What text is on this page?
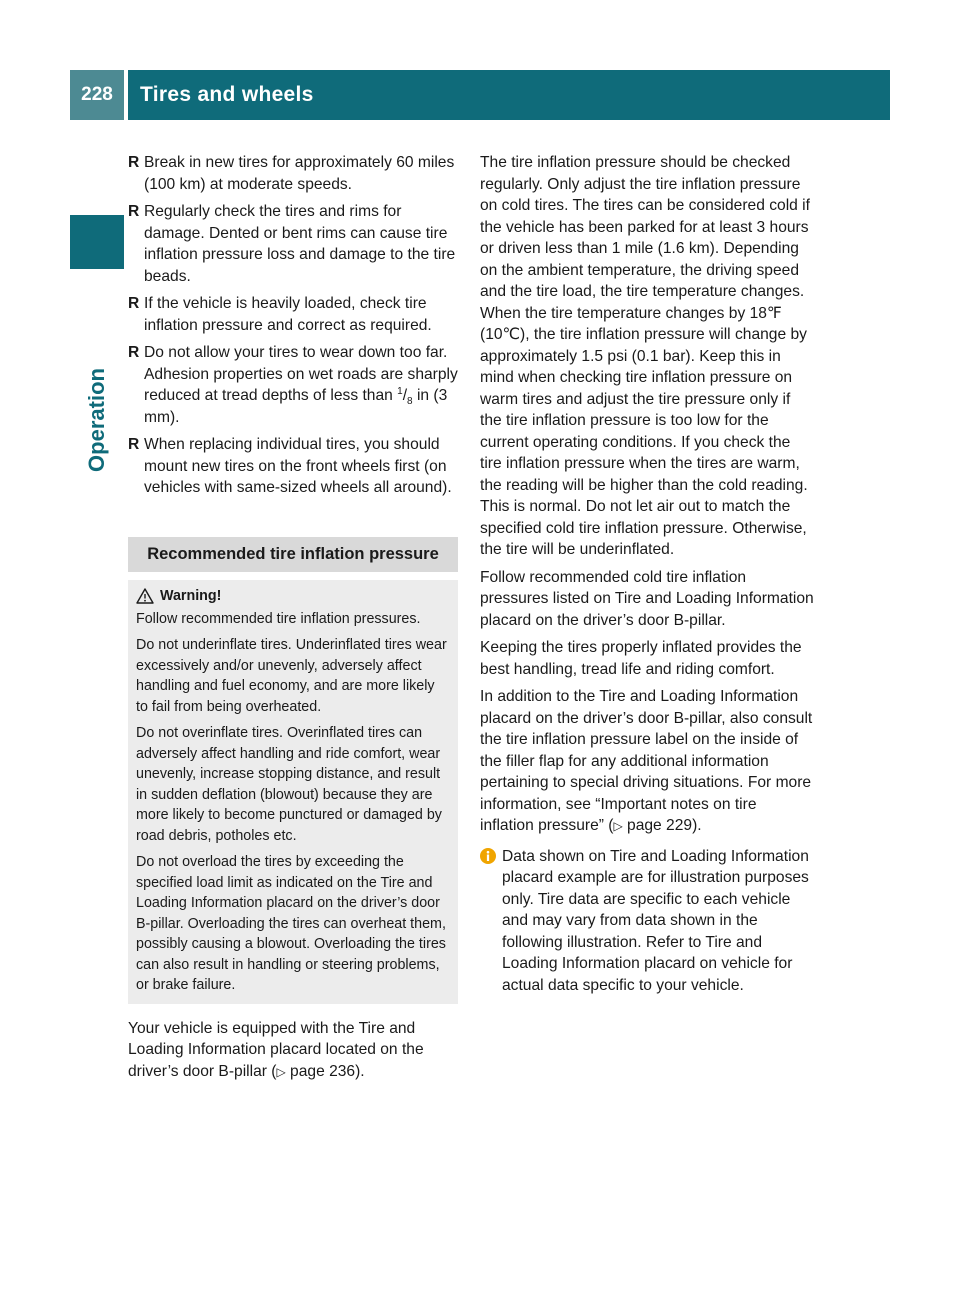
228	Tires and wheels
Operation
R Break in new tires for approximately 60 miles (100 km) at moderate speeds.
R Regularly check the tires and rims for damage. Dented or bent rims can cause tire inflation pressure loss and damage to the tire beads.
R If the vehicle is heavily loaded, check tire inflation pressure and correct as required.
R Do not allow your tires to wear down too far. Adhesion properties on wet roads are sharply reduced at tread depths of less than $^1/_8$ in (3 mm).
R When replacing individual tires, you should mount new tires on the front wheels first (on vehicles with same-sized wheels all around).
Recommended tire inflation pressure
Warning!

Follow recommended tire inflation pressures.

Do not underinflate tires. Underinflated tires wear excessively and/or unevenly, adversely affect handling and fuel economy, and are more likely to fail from being overheated.

Do not overinflate tires. Overinflated tires can adversely affect handling and ride comfort, wear unevenly, increase stopping distance, and result in sudden deflation (blowout) because they are more likely to become punctured or damaged by road debris, potholes etc.

Do not overload the tires by exceeding the specified load limit as indicated on the Tire and Loading Information placard on the driver’s door B-pillar. Overloading the tires can overheat them, possibly causing a blowout. Overloading the tires can also result in handling or steering problems, or brake failure.

Your vehicle is equipped with the Tire and Loading Information placard located on the driver’s door B-pillar (▷ page 236).

The tire inflation pressure should be checked regularly. Only adjust the tire inflation pressure on cold tires. The tires can be considered cold if the vehicle has been parked for at least 3 hours or driven less than 1 mile (1.6 km). Depending on the ambient temperature, the driving speed and the tire load, the tire temperature changes. When the tire temperature changes by 18℉ (10℃), the tire inflation pressure will change by approximately 1.5 psi (0.1 bar). Keep this in mind when checking tire inflation pressure on warm tires and adjust the tire pressure only if the tire inflation pressure is too low for the current operating conditions. If you check the tire inflation pressure when the tires are warm, the reading will be higher than the cold reading. This is normal. Do not let air out to match the specified cold tire inflation pressure. Otherwise, the tire will be underinflated.

Follow recommended cold tire inflation pressures listed on Tire and Loading Information placard on the driver’s door B-pillar.

Keeping the tires properly inflated provides the best handling, tread life and riding comfort.

In addition to the Tire and Loading Information placard on the driver’s door B-pillar, also consult the tire inflation pressure label on the inside of the filler flap for any additional information pertaining to special driving situations. For more information, see “Important notes on tire inflation pressure” (▷ page 229).

Data shown on Tire and Loading Information placard example are for illustration purposes only. Tire data are specific to each vehicle and may vary from data shown in the following illustration. Refer to Tire and Loading Information placard on vehicle for actual data specific to your vehicle.
